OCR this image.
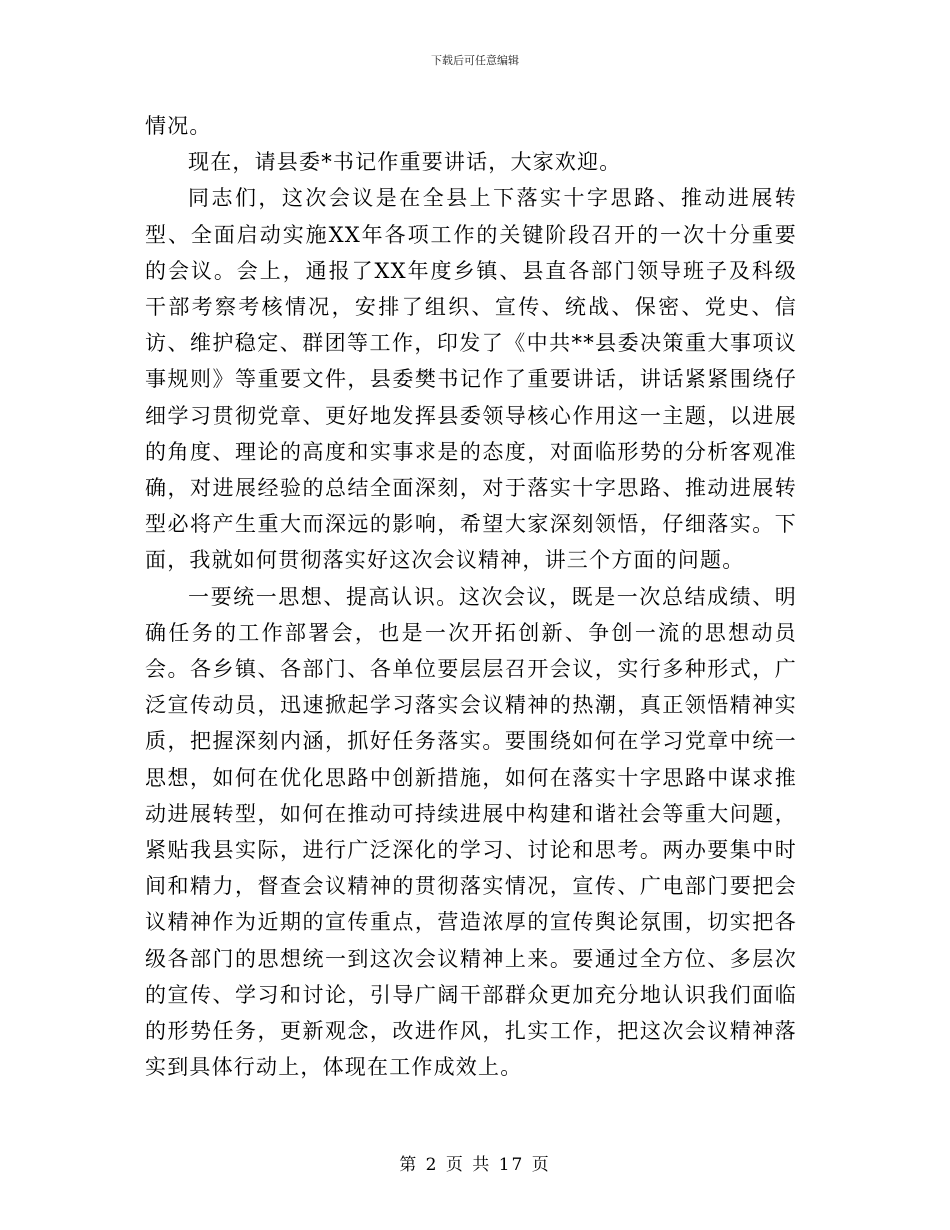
下载后可任意编辑

情况。

现在，请县委*书记作重要讲话，大家欢迎。

同志们，这次会议是在全县上下落实十字思路、推动进展转型、全面启动实施XX年各项工作的关键阶段召开的一次十分重要的会议。会上，通报了XX年度乡镇、县直各部门领导班子及科级干部考察考核情况，安排了组织、宣传、统战、保密、党史、信访、维护稳定、群团等工作，印发了《中共**县委决策重大事项议事规则》等重要文件，县委樊书记作了重要讲话，讲话紧紧围绕仔细学习贯彻党章、更好地发挥县委领导核心作用这一主题，以进展的角度、理论的高度和实事求是的态度，对面临形势的分析客观准确，对进展经验的总结全面深刻，对于落实十字思路、推动进展转型必将产生重大而深远的影响，希望大家深刻领悟，仔细落实。下面，我就如何贯彻落实好这次会议精神，讲三个方面的问题。

一要统一思想、提高认识。这次会议，既是一次总结成绩、明确任务的工作部署会，也是一次开拓创新、争创一流的思想动员会。各乡镇、各部门、各单位要层层召开会议，实行多种形式，广泛宣传动员，迅速掀起学习落实会议精神的热潮，真正领悟精神实质，把握深刻内涵，抓好任务落实。要围绕如何在学习党章中统一思想，如何在优化思路中创新措施，如何在落实十字思路中谋求推动进展转型，如何在推动可持续进展中构建和谐社会等重大问题，紧贴我县实际，进行广泛深化的学习、讨论和思考。两办要集中时间和精力，督查会议精神的贯彻落实情况，宣传、广电部门要把会议精神作为近期的宣传重点，营造浓厚的宣传舆论氛围，切实把各级各部门的思想统一到这次会议精神上来。要通过全方位、多层次的宣传、学习和讨论，引导广阔干部群众更加充分地认识我们面临的形势任务，更新观念，改进作风，扎实工作，把这次会议精神落实到具体行动上，体现在工作成效上。

第 2 页 共 17 页
